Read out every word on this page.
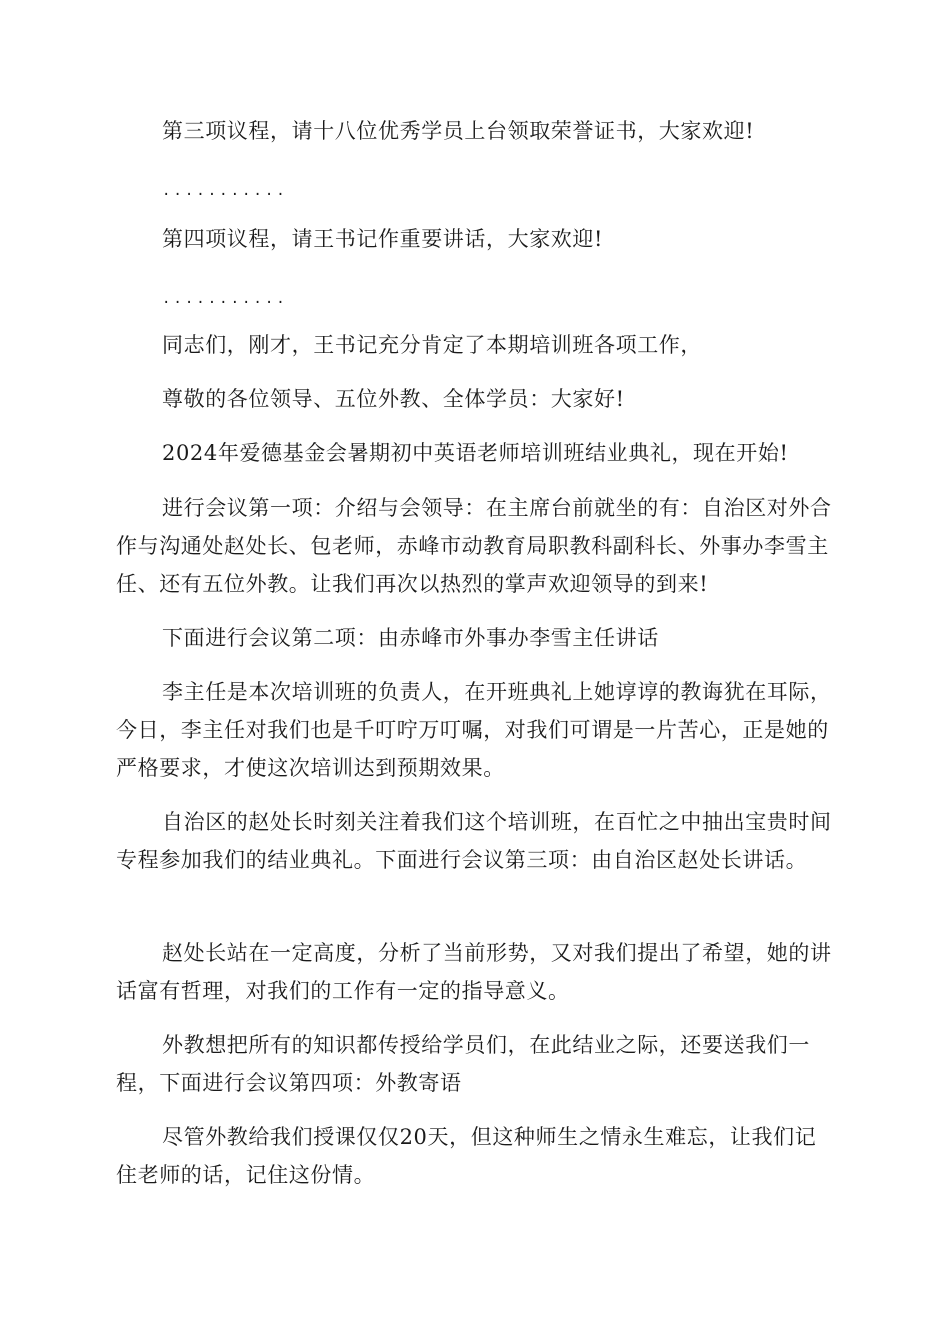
第三项议程，请十八位优秀学员上台领取荣誉证书，大家欢迎!

...........

第四项议程，请王书记作重要讲话，大家欢迎!

...........

同志们，刚才，王书记充分肯定了本期培训班各项工作，

尊敬的各位领导、五位外教、全体学员：大家好!

2024年爱德基金会暑期初中英语老师培训班结业典礼，现在开始!

进行会议第一项：介绍与会领导：在主席台前就坐的有：自治区对外合作与沟通处赵处长、包老师，赤峰市动教育局职教科副科长、外事办李雪主任、还有五位外教。让我们再次以热烈的掌声欢迎领导的到来!

下面进行会议第二项：由赤峰市外事办李雪主任讲话

李主任是本次培训班的负责人，在开班典礼上她谆谆的教诲犹在耳际，今日，李主任对我们也是千叮咛万叮嘱，对我们可谓是一片苦心，正是她的严格要求，才使这次培训达到预期效果。

自治区的赵处长时刻关注着我们这个培训班，在百忙之中抽出宝贵时间专程参加我们的结业典礼。下面进行会议第三项：由自治区赵处长讲话。

赵处长站在一定高度，分析了当前形势，又对我们提出了希望，她的讲话富有哲理，对我们的工作有一定的指导意义。

外教想把所有的知识都传授给学员们，在此结业之际，还要送我们一程，下面进行会议第四项：外教寄语

尽管外教给我们授课仅仅20天，但这种师生之情永生难忘，让我们记住老师的话，记住这份情。
